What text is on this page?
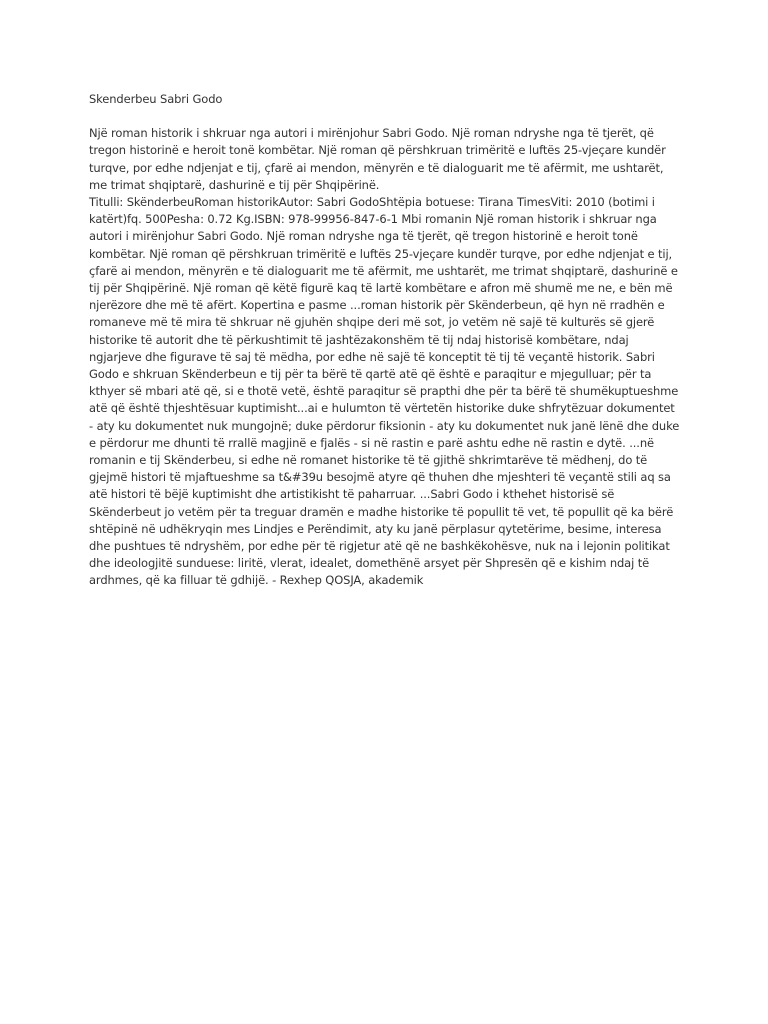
Skenderbeu Sabri Godo

Një roman historik i shkruar nga autori i mirënjohur Sabri Godo. Një roman ndryshe nga të tjerët, që tregon historinë e heroit tonë kombëtar. Një roman që përshkruan trimëritë e luftës 25-vjeçare kundër turqve, por edhe ndjenjat e tij, çfarë ai mendon, mënyrën e të dialoguarit me të afërmit, me ushtarët, me trimat shqiptarë, dashurinë e tij për Shqipërinë.

Titulli: SkënderbeuRoman historikAutor: Sabri GodoShtëpia botuese: Tirana TimesViti: 2010 (botimi i katërt)fq. 500Pesha: 0.72 Kg.ISBN: 978-99956-847-6-1 Mbi romanin Një roman historik i shkruar nga autori i mirënjohur Sabri Godo. Një roman ndryshe nga të tjerët, që tregon historinë e heroit tonë kombëtar. Një roman që përshkruan trimëritë e luftës 25-vjeçare kundër turqve, por edhe ndjenjat e tij, çfarë ai mendon, mënyrën e të dialoguarit me të afërmit, me ushtarët, me trimat shqiptarë, dashurinë e tij për Shqipërinë. Një roman që këtë figurë kaq të lartë kombëtare e afron më shumë me ne, e bën më njerëzore dhe më të afërt. Kopertina e pasme ...roman historik për Skënderbeun, që hyn në rradhën e romaneve më të mira të shkruar në gjuhën shqipe deri më sot, jo vetëm në sajë të kulturës së gjerë historike të autorit dhe të përkushtimit të jashtëzakonshëm të tij ndaj historisë kombëtare, ndaj ngjarjeve dhe figurave të saj të mëdha, por edhe në sajë të konceptit të tij të veçantë historik. Sabri Godo e shkruan Skënderbeun e tij për ta bërë të qartë atë që është e paraqitur e mjegulluar; për ta kthyer së mbari atë që, si e thotë vetë, është paraqitur së prapthi dhe për ta bërë të shumëkuptueshme atë që është thjeshtësuar kuptimisht...ai e hulumton të vërtetën historike duke shfrytëzuar dokumentet - aty ku dokumentet nuk mungojnë; duke përdorur fiksionin - aty ku dokumentet nuk janë lënë dhe duke e përdorur me dhunti të rrallë magjinë e fjalës - si në rastin e parë ashtu edhe në rastin e dytë. ...në romanin e tij Skënderbeu, si edhe në romanet historike të të gjithë shkrimtarëve të mëdhenj, do të gjejmë histori të mjaftueshme sa t&#39u besojmë atyre që thuhen dhe mjeshteri të veçantë stili aq sa atë histori të bëjë kuptimisht dhe artistikisht të paharruar. ...Sabri Godo i kthehet historisë së Skënderbeut jo vetëm për ta treguar dramën e madhe historike të popullit të vet, të popullit që ka bërë shtëpinë në udhëkryqin mes Lindjes e Perëndimit, aty ku janë përplasur qytetërime, besime, interesa dhe pushtues të ndryshëm, por edhe për të rigjetur atë që ne bashkëkohësve, nuk na i lejonin politikat dhe ideologjitë sunduese: liritë, vlerat, idealet, domethënë arsyet për Shpresën që e kishim ndaj të ardhmes, që ka filluar të gdhijë. - Rexhep QOSJA, akademik
